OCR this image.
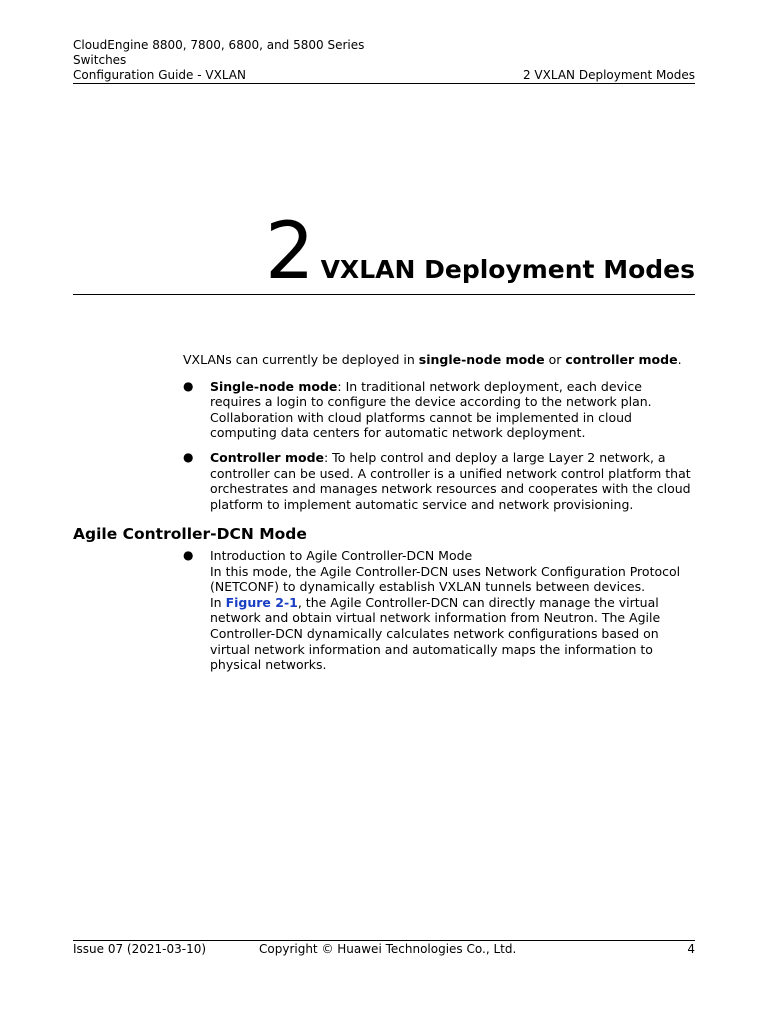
CloudEngine 8800, 7800, 6800, and 5800 Series
Switches
Configuration Guide - VXLAN	2 VXLAN Deployment Modes
2 VXLAN Deployment Modes

VXLANs can currently be deployed in single-node mode or controller mode.

● Single-node mode: In traditional network deployment, each device requires a login to configure the device according to the network plan. Collaboration with cloud platforms cannot be implemented in cloud computing data centers for automatic network deployment.

● Controller mode: To help control and deploy a large Layer 2 network, a controller can be used. A controller is a unified network control platform that orchestrates and manages network resources and cooperates with the cloud platform to implement automatic service and network provisioning.

Agile Controller-DCN Mode
● Introduction to Agile Controller-DCN Mode

In this mode, the Agile Controller-DCN uses Network Configuration Protocol (NETCONF) to dynamically establish VXLAN tunnels between devices.

In Figure 2-1, the Agile Controller-DCN can directly manage the virtual network and obtain virtual network information from Neutron. The Agile Controller-DCN dynamically calculates network configurations based on virtual network information and automatically maps the information to physical networks.

Issue 07 (2021-03-10)	Copyright © Huawei Technologies Co., Ltd.	4
